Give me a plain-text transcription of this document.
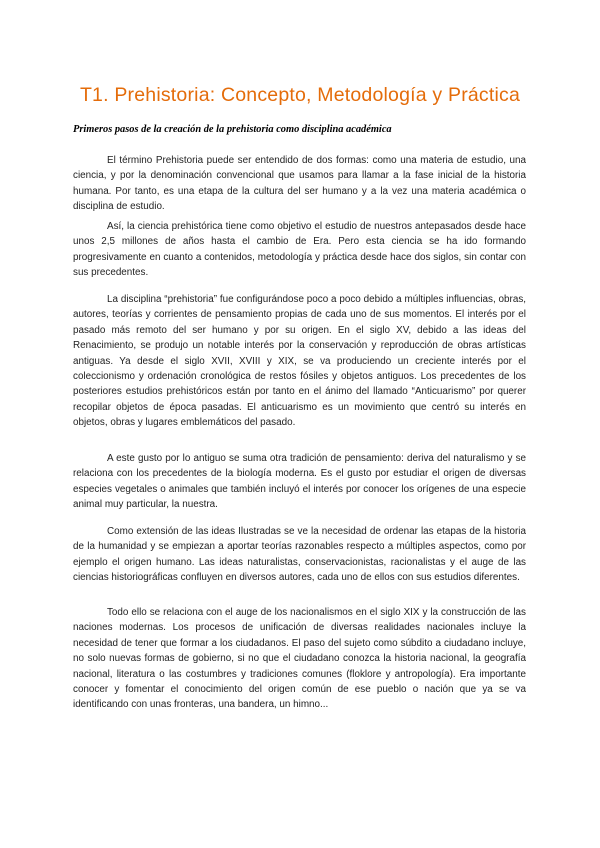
T1. Prehistoria: Concepto, Metodología y Práctica

Primeros pasos de la creación de la prehistoria como disciplina académica

El término Prehistoria puede ser entendido de dos formas: como una materia de estudio, una ciencia, y por la denominación convencional que usamos para llamar a la fase inicial de la historia humana. Por tanto, es una etapa de la cultura del ser humano y a la vez una materia académica o disciplina de estudio.

Así, la ciencia prehistórica tiene como objetivo el estudio de nuestros antepasados desde hace unos 2,5 millones de años hasta el cambio de Era. Pero esta ciencia se ha ido formando progresivamente en cuanto a contenidos, metodología y práctica desde hace dos siglos, sin contar con sus precedentes.

La disciplina “prehistoria” fue configurándose poco a poco debido a múltiples influencias, obras, autores, teorías y corrientes de pensamiento propias de cada uno de sus momentos. El interés por el pasado más remoto del ser humano y por su origen. En el siglo XV, debido a las ideas del Renacimiento, se produjo un notable interés por la conservación y reproducción de obras artísticas antiguas. Ya desde el siglo XVII, XVIII y XIX, se va produciendo un creciente interés por el coleccionismo y ordenación cronológica de restos fósiles y objetos antiguos. Los precedentes de los posteriores estudios prehistóricos están por tanto en el ánimo del llamado “Anticuarismo” por querer recopilar objetos de época pasadas. El anticuarismo es un movimiento que centró su interés en objetos, obras y lugares emblemáticos del pasado.

A este gusto por lo antiguo se suma otra tradición de pensamiento: deriva del naturalismo y se relaciona con los precedentes de la biología moderna. Es el gusto por estudiar el origen de diversas especies vegetales o animales que también incluyó el interés por conocer los orígenes de una especie animal muy particular, la nuestra.

Como extensión de las ideas Ilustradas se ve la necesidad de ordenar las etapas de la historia de la humanidad y se empiezan a aportar teorías razonables respecto a múltiples aspectos, como por ejemplo el origen humano. Las ideas naturalistas, conservacionistas, racionalistas y el auge de las ciencias historiográficas confluyen en diversos autores, cada uno de ellos con sus estudios diferentes.

Todo ello se relaciona con el auge de los nacionalismos en el siglo XIX y la construcción de las naciones modernas. Los procesos de unificación de diversas realidades nacionales incluye la necesidad de tener que formar a los ciudadanos. El paso del sujeto como súbdito a ciudadano incluye, no solo nuevas formas de gobierno, si no que el ciudadano conozca la historia nacional, la geografía nacional, literatura o las costumbres y tradiciones comunes (floklore y antropología). Era importante conocer y fomentar el conocimiento del origen común de ese pueblo o nación que ya se va identificando con unas fronteras, una bandera, un himno...
